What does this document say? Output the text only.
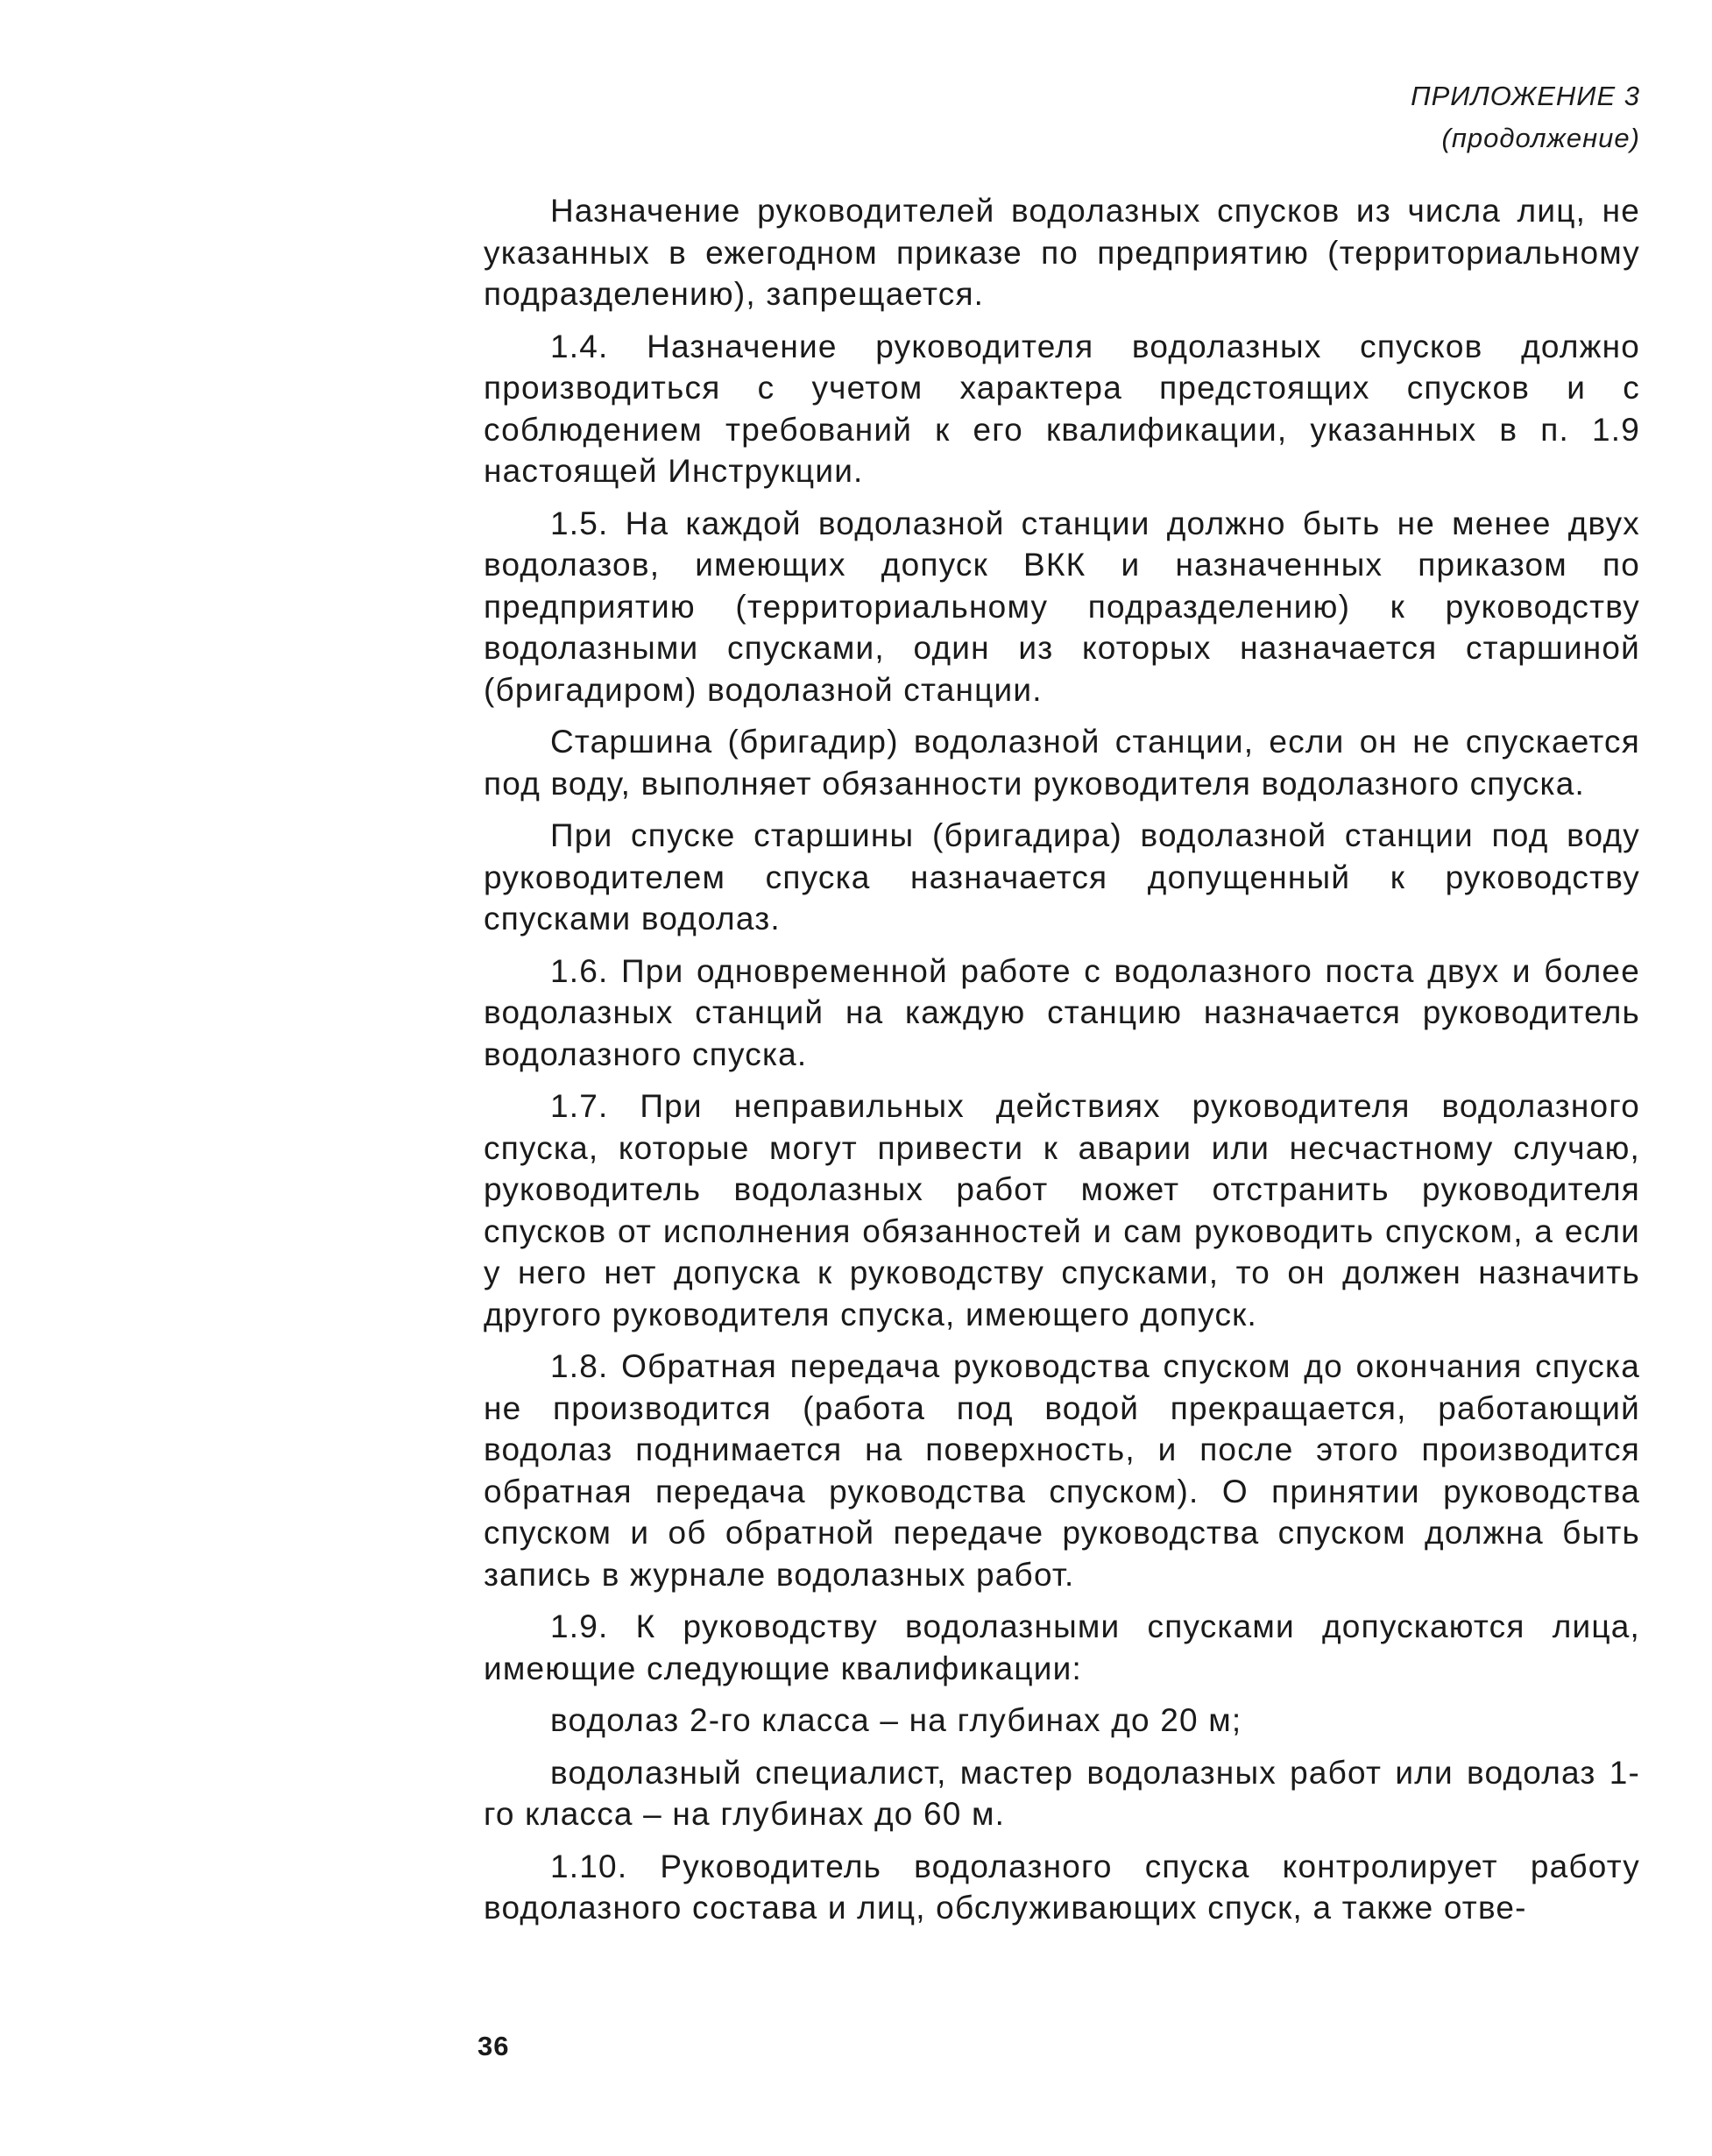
ПРИЛОЖЕНИЕ 3
(продолжение)

Назначение руководителей водолазных спусков из числа лиц, не указанных в ежегодном приказе по предприятию (территориальному подразделению), запрещается.

1.4. Назначение руководителя водолазных спусков должно производиться с учетом характера предстоящих спусков и с соблюдением требований к его квалификации, указанных в п. 1.9 настоящей Инструкции.

1.5. На каждой водолазной станции должно быть не менее двух водолазов, имеющих допуск ВКК и назначенных приказом по предприятию (территориальному подразделению) к руководству водолазными спусками, один из которых назначается старшиной (бригадиром) водолазной станции.

Старшина (бригадир) водолазной станции, если он не спускается под воду, выполняет обязанности руководителя водолазного спуска.

При спуске старшины (бригадира) водолазной станции под воду руководителем спуска назначается допущенный к руководству спусками водолаз.

1.6. При одновременной работе с водолазного поста двух и более водолазных станций на каждую станцию назначается руководитель водолазного спуска.

1.7. При неправильных действиях руководителя водолазного спуска, которые могут привести к аварии или несчастному случаю, руководитель водолазных работ может отстранить руководителя спусков от исполнения обязанностей и сам руководить спуском, а если у него нет допуска к руководству спусками, то он должен назначить другого руководителя спуска, имеющего допуск.

1.8. Обратная передача руководства спуском до окончания спуска не производится (работа под водой прекращается, работающий водолаз поднимается на поверхность, и после этого производится обратная передача руководства спуском). О принятии руководства спуском и об обратной передаче руководства спуском должна быть запись в журнале водолазных работ.

1.9. К руководству водолазными спусками допускаются лица, имеющие следующие квалификации:

водолаз 2-го класса – на глубинах до 20 м;

водолазный специалист, мастер водолазных работ или водолаз 1-го класса – на глубинах до 60 м.

1.10. Руководитель водолазного спуска контролирует работу водолазного состава и лиц, обслуживающих спуск, а также отве-

36
